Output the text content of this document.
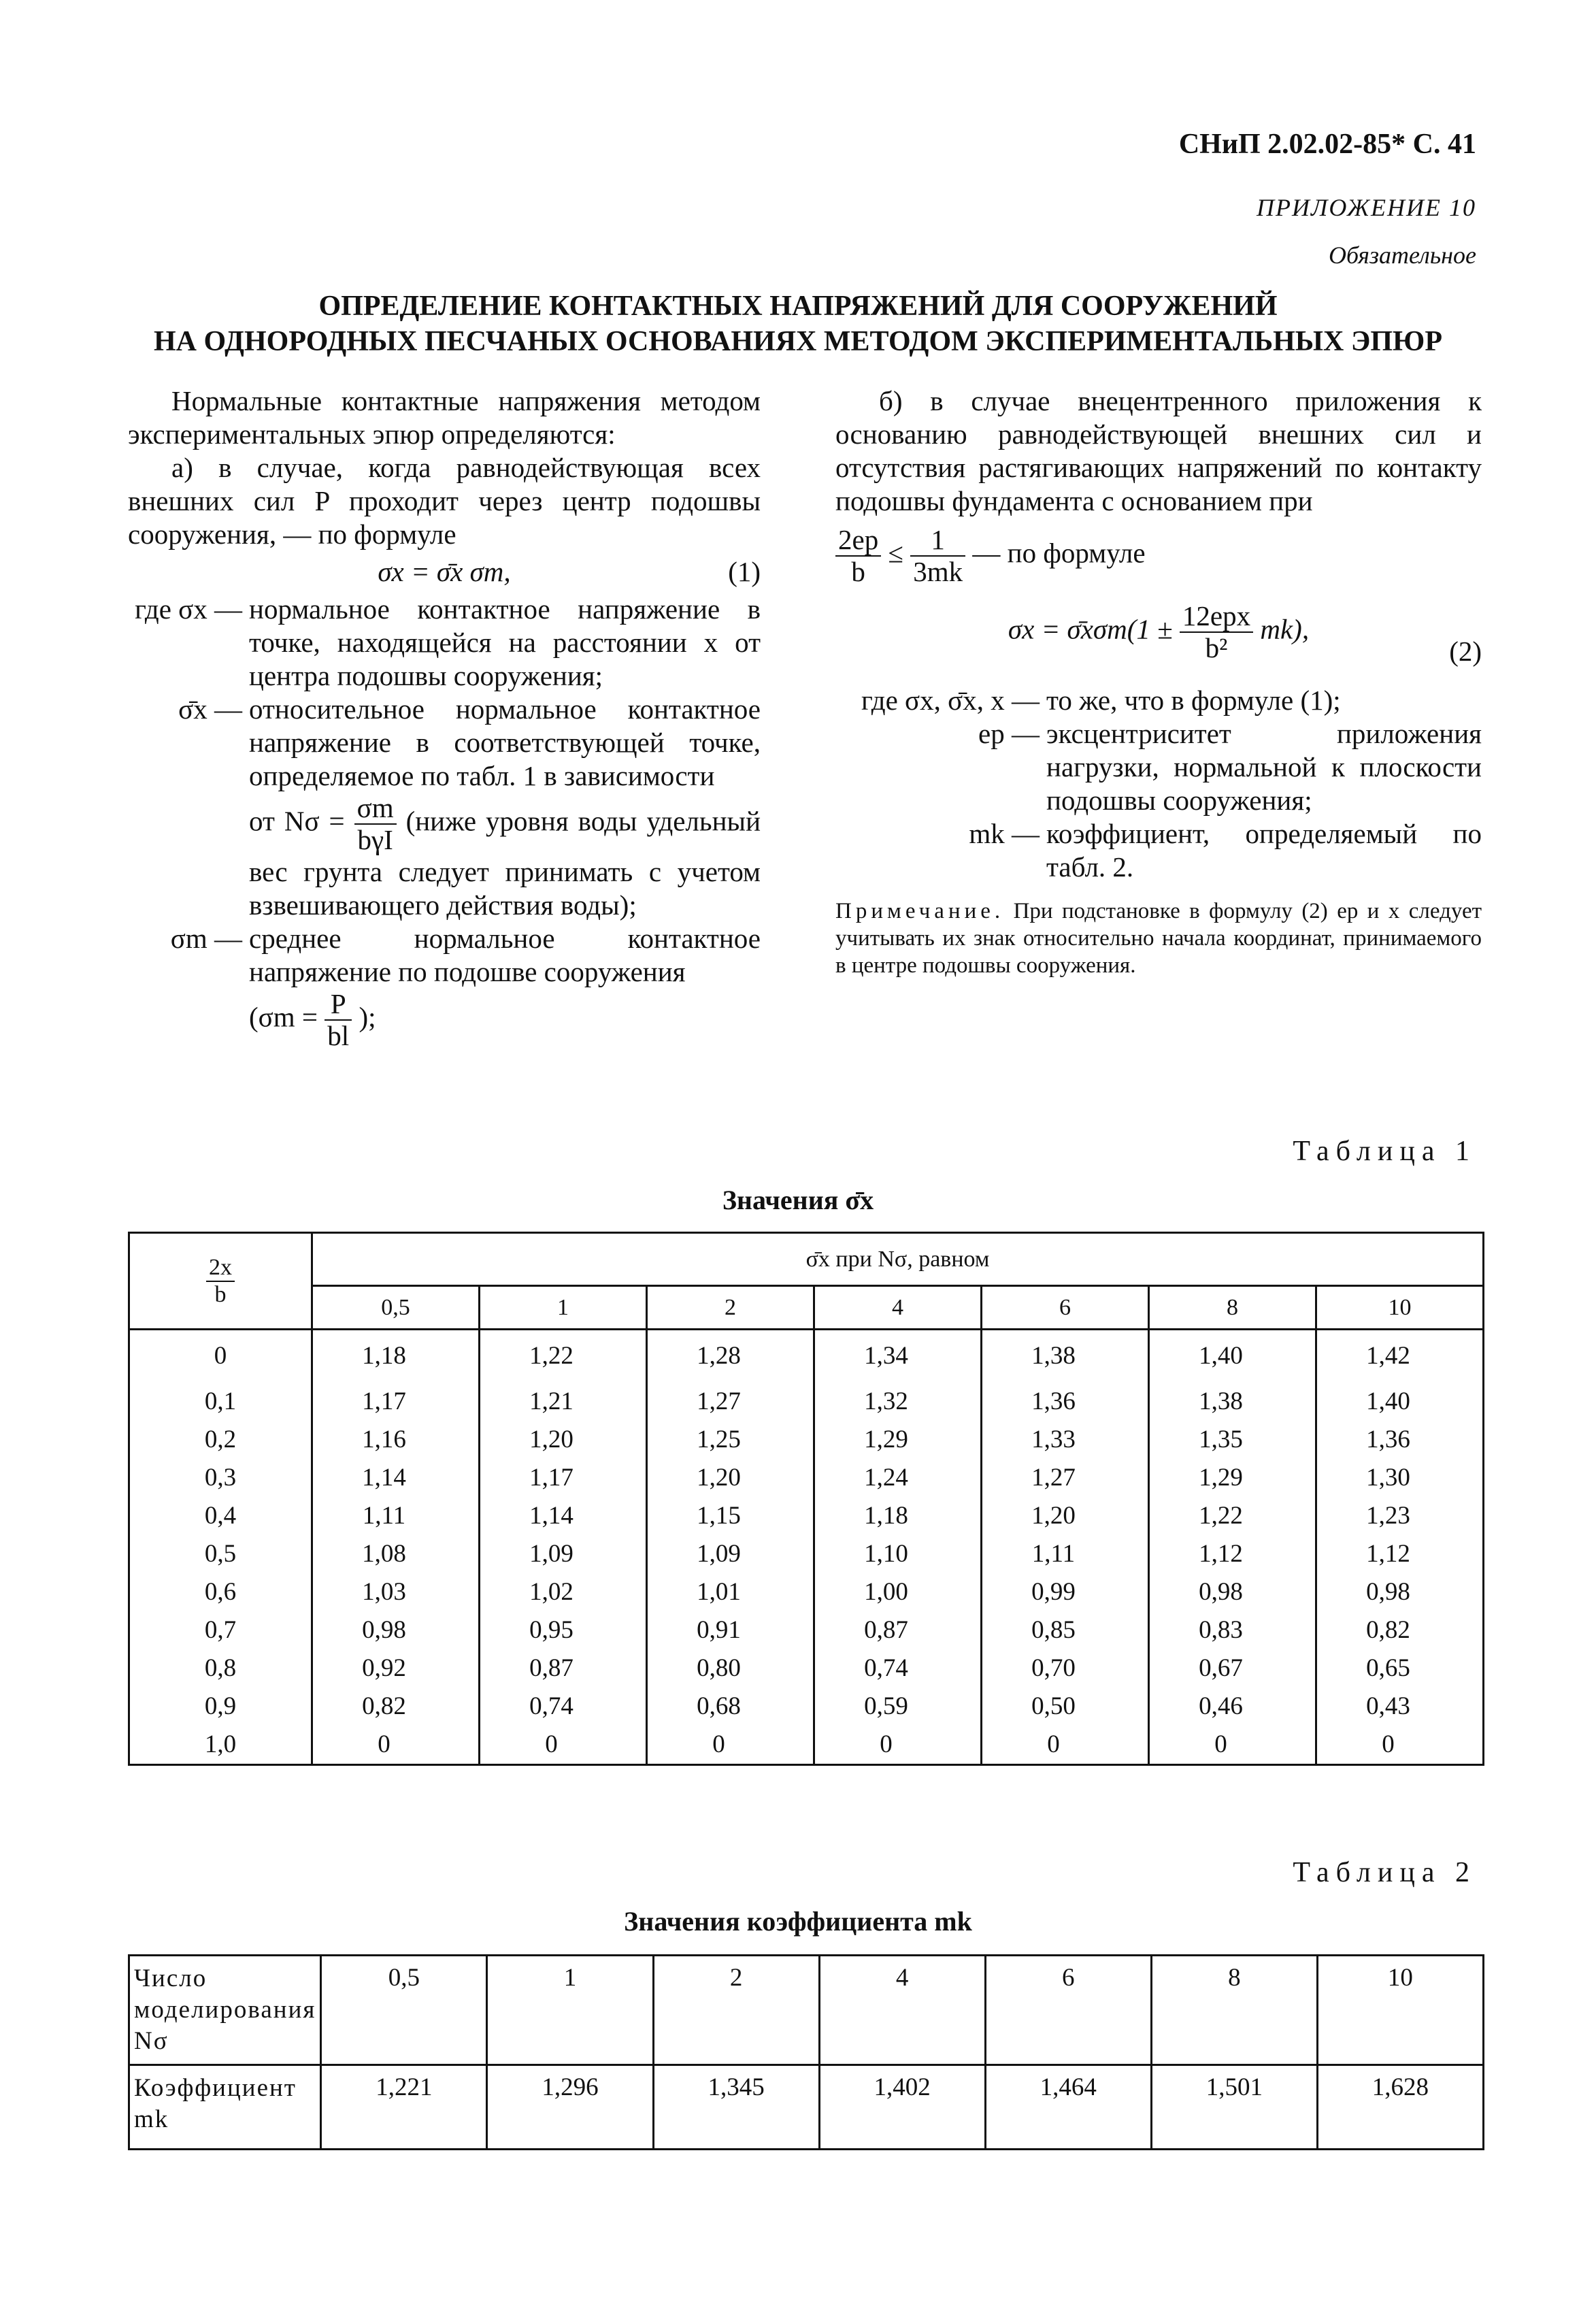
СНиП 2.02.02-85* С. 41
ПРИЛОЖЕНИЕ 10
Обязательное
ОПРЕДЕЛЕНИЕ КОНТАКТНЫХ НАПРЯЖЕНИЙ ДЛЯ СООРУЖЕНИЙ
НА ОДНОРОДНЫХ ПЕСЧАНЫХ ОСНОВАНИЯХ МЕТОДОМ ЭКСПЕРИМЕНТАЛЬНЫХ ЭПЮР
Нормальные контактные напряжения методом экспериментальных эпюр определяются:
а) в случае, когда равнодействующая всех внешних сил P проходит через центр подошвы сооружения, — по формуле
σx = σ̄x σm,	(1)
где σx — нормальное контактное напряжение в точке, находящейся на расстоянии x от центра подошвы сооружения;
σ̄x — относительное нормальное контактное напряжение в соответствующей точке, определяемое по табл. 1 в зависимости
от $N\sigma = \frac{\sigma m}{\text{bγI}}$ (ниже уровня воды удельный вес грунта следует принимать с учетом взвешивающего действия воды);
σm — среднее нормальное контактное напряжение по подошве сооружения
($\sigma m = \frac{P}{bl}$ );
б) в случае внецентренного приложения к основанию равнодействующей внешних сил и отсутствия растягивающих напряжений по контакту подошвы фундамента с основанием при
$\frac{2ep}{b} \le \frac{1}{3mk}$ — по формуле
σx = σ̄xσm(1 ± $\frac{\text{12epx}}{\text{b²}} mk$),
(2)
где σx, σ̄x, x — то же, что в формуле (1);
ep — эксцентриситет приложения нагрузки, нормальной к плоскости подошвы сооружения;
mk — коэффициент, определяемый по табл. 2.
Примечание. При подстановке в формулу (2) ep и x следует учитывать их знак относительно начала координат, принимаемого в центре подошвы сооружения.
Таблица 1
Значения σ̄x
$\frac{2x}{b}$	σ̄x при Nσ, равном						
	0,5	1	2	4	6	8	10
0	1,18	1,22	1,28	1,34	1,38	1,40	1,42
0,1	1,17	1,21	1,27	1,32	1,36	1,38	1,40
0,2	1,16	1,20	1,25	1,29	1,33	1,35	1,36
0,3	1,14	1,17	1,20	1,24	1,27	1,29	1,30
0,4	1,11	1,14	1,15	1,18	1,20	1,22	1,23
0,5	1,08	1,09	1,09	1,10	1,11	1,12	1,12
0,6	1,03	1,02	1,01	1,00	0,99	0,98	0,98
0,7	0,98	0,95	0,91	0,87	0,85	0,83	0,82
0,8	0,92	0,87	0,80	0,74	0,70	0,67	0,65
0,9	0,82	0,74	0,68	0,59	0,50	0,46	0,43
1,0	0	0	0	0	0	0	0
Таблица 2
Значения коэффициента mk
Число моделирования Nσ	0,5	1	2	4	6	8	10
Коэффициент mk	1,221	1,296	1,345	1,402	1,464	1,501	1,628
